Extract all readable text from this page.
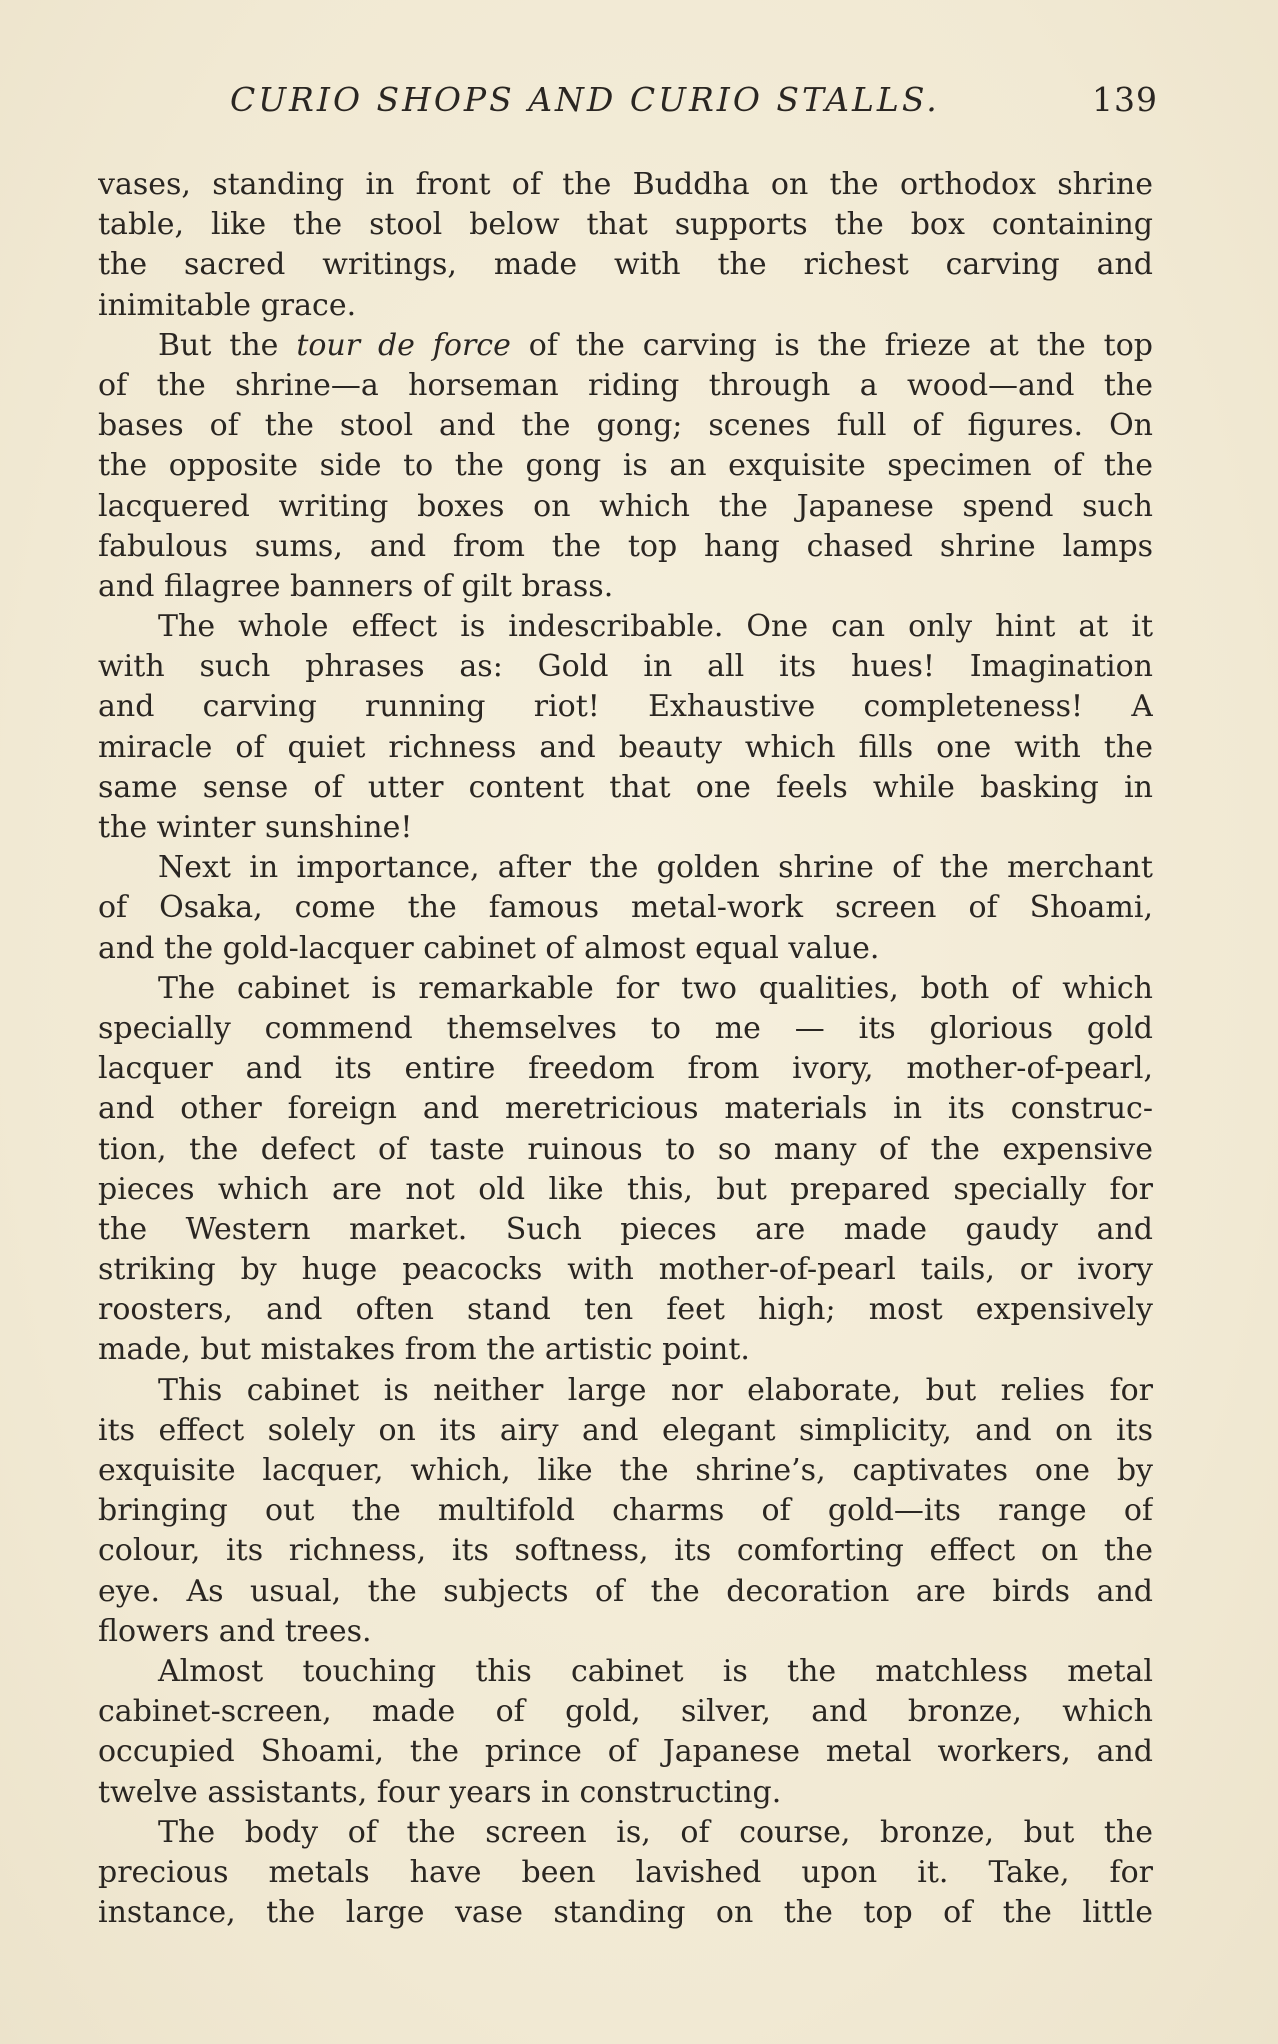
CURIO SHOPS AND CURIO STALLS.	139
vases, standing in front of the Buddha on the orthodox shrine
table, like the stool below that supports the box containing
the sacred writings, made with the richest carving and
inimitable grace.
But the tour de force of the carving is the frieze at the top
of the shrine—a horseman riding through a wood—and the
bases of the stool and the gong; scenes full of figures. On
the opposite side to the gong is an exquisite specimen of the
lacquered writing boxes on which the Japanese spend such
fabulous sums, and from the top hang chased shrine lamps
and filagree banners of gilt brass.
The whole effect is indescribable. One can only hint at it
with such phrases as: Gold in all its hues! Imagination
and carving running riot! Exhaustive completeness! A
miracle of quiet richness and beauty which fills one with the
same sense of utter content that one feels while basking in
the winter sunshine!
Next in importance, after the golden shrine of the merchant
of Osaka, come the famous metal-work screen of Shoami,
and the gold-lacquer cabinet of almost equal value.
The cabinet is remarkable for two qualities, both of which
specially commend themselves to me — its glorious gold
lacquer and its entire freedom from ivory, mother-of-pearl,
and other foreign and meretricious materials in its construc-
tion, the defect of taste ruinous to so many of the expensive
pieces which are not old like this, but prepared specially for
the Western market. Such pieces are made gaudy and
striking by huge peacocks with mother-of-pearl tails, or ivory
roosters, and often stand ten feet high; most expensively
made, but mistakes from the artistic point.
This cabinet is neither large nor elaborate, but relies for
its effect solely on its airy and elegant simplicity, and on its
exquisite lacquer, which, like the shrine’s, captivates one by
bringing out the multifold charms of gold—its range of
colour, its richness, its softness, its comforting effect on the
eye. As usual, the subjects of the decoration are birds and
flowers and trees.
Almost touching this cabinet is the matchless metal
cabinet-screen, made of gold, silver, and bronze, which
occupied Shoami, the prince of Japanese metal workers, and
twelve assistants, four years in constructing.
The body of the screen is, of course, bronze, but the
precious metals have been lavished upon it. Take, for
instance, the large vase standing on the top of the little
